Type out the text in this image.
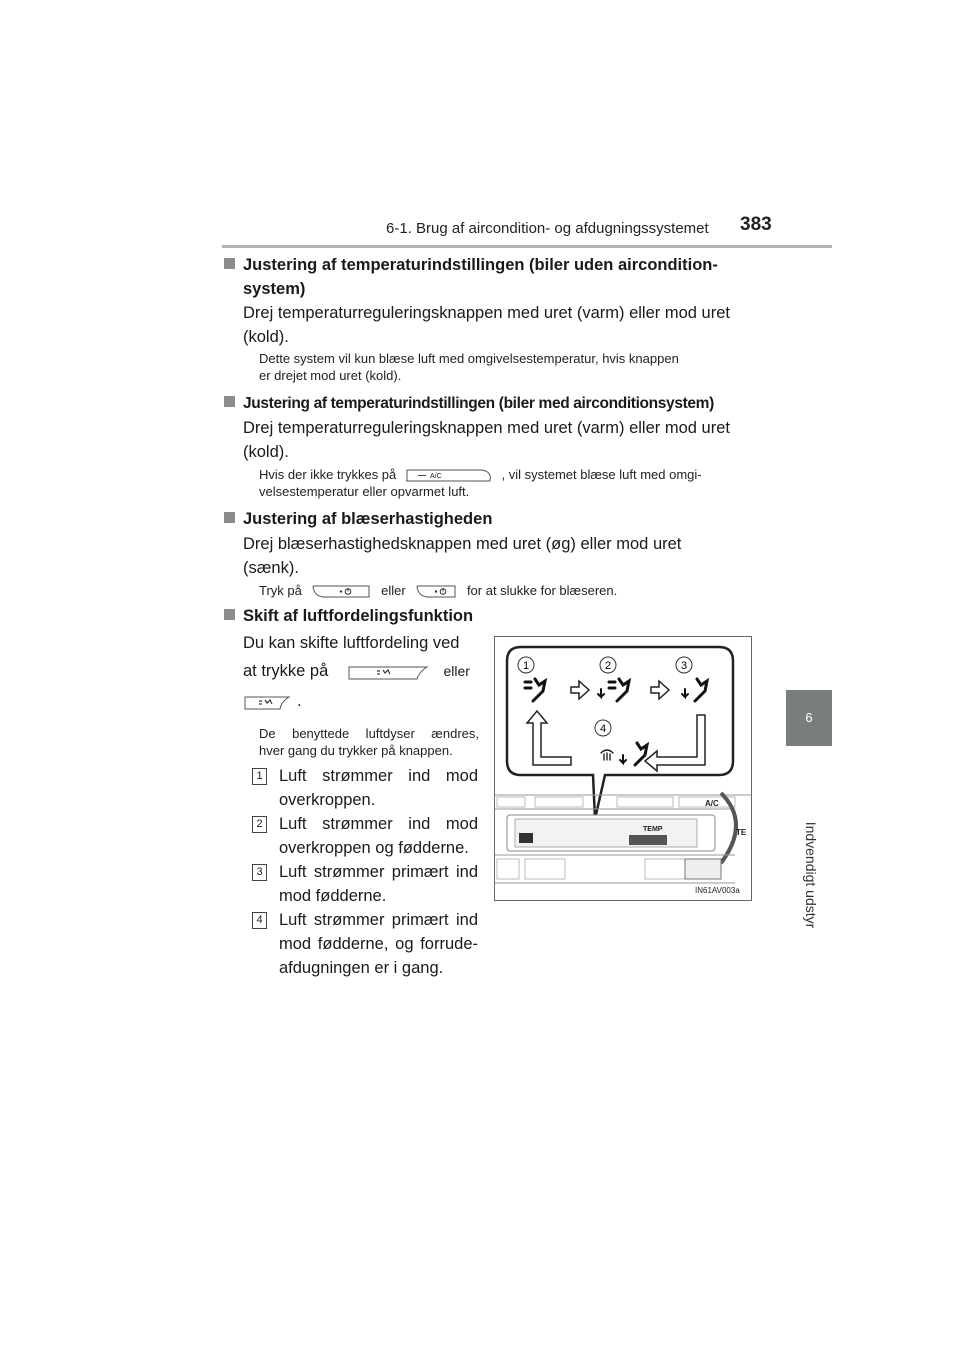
6-1. Brug af aircondition- og afdugningssystemet 383
6
Indvendigt udstyr
Justering af temperaturindstillingen (biler uden aircondition-
system)
Drej temperaturreguleringsknappen med uret (varm) eller mod uret
(kold).
Dette system vil kun blæse luft med omgivelsestemperatur, hvis knappen
er drejet mod uret (kold).
Justering af temperaturindstillingen (biler med airconditionsystem)
Drej temperaturreguleringsknappen med uret (varm) eller mod uret
(kold).
Hvis der ikke trykkes på	A/C	, vil systemet blæse luft med omgi-
velsestemperatur eller opvarmet luft.
Justering af blæserhastigheden
Drej blæserhastighedsknappen med uret (øg) eller mod uret
(sænk).
Tryk på	eller	for at slukke for blæseren.
Skift af luftfordelingsfunktion
Du kan skifte luftfordeling ved
at trykke på	eller
.
De benyttede luftdyser ændres,
hver gang du trykker på knappen.
1 Luft strømmer ind mod
overkroppen.
2 Luft strømmer ind mod
overkroppen og fødderne.
3 Luft strømmer primært ind
mod fødderne.
4 Luft strømmer primært ind
mod fødderne, og forrude-
afdugningen er i gang.
1	2	3
4
A/C
TEMP	TE
IN61AV003a
